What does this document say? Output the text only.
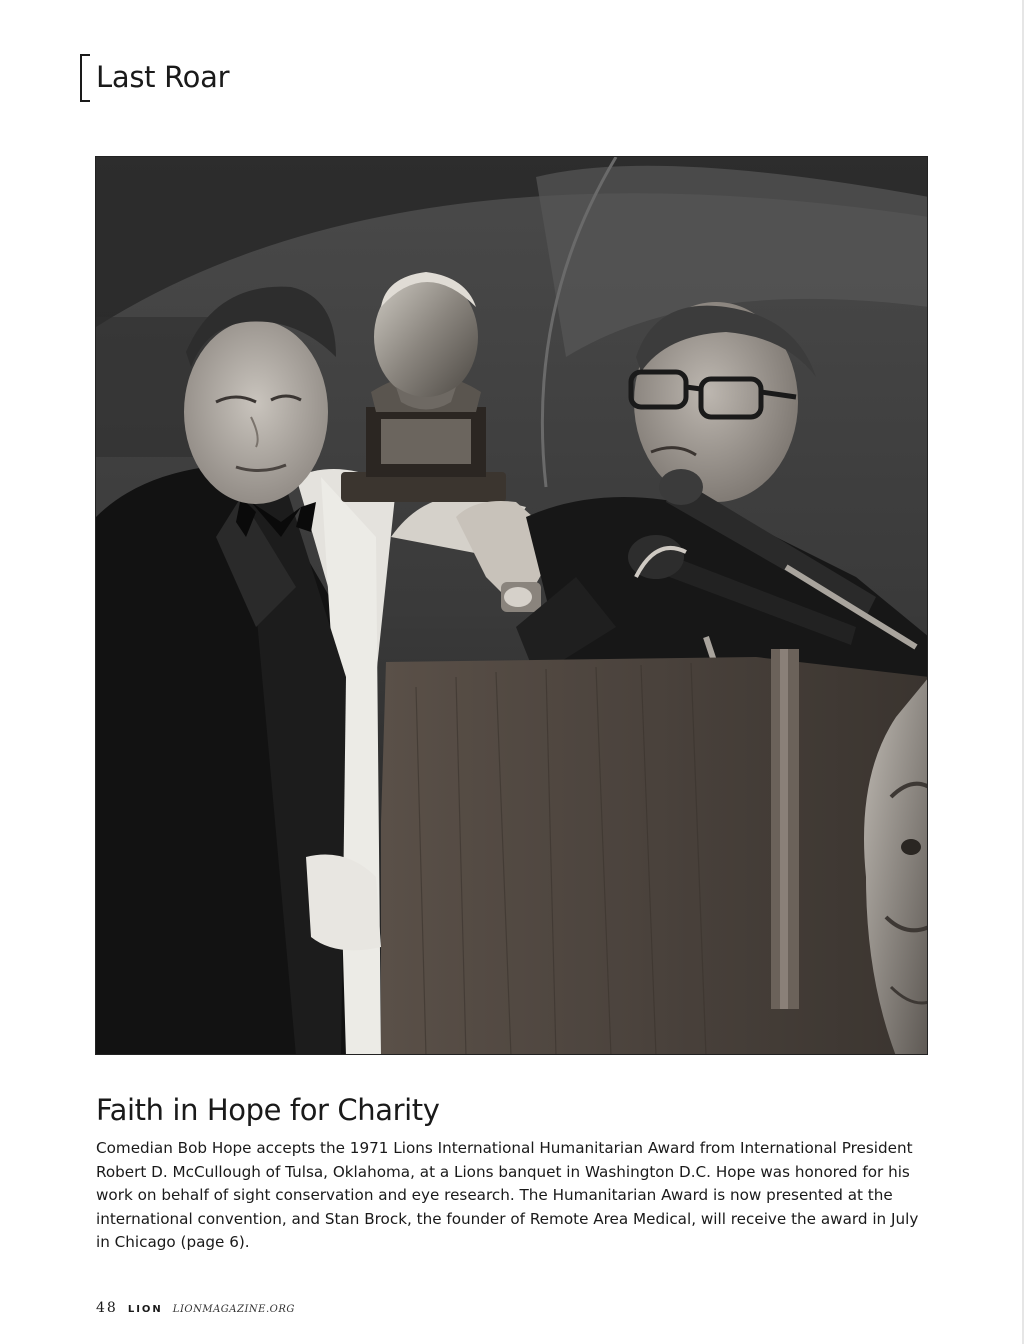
Last Roar
Faith in Hope for Charity

Comedian Bob Hope accepts the 1971 Lions International Humanitarian Award from International President Robert D. McCullough of Tulsa, Oklahoma, at a Lions banquet in Washington D.C. Hope was honored for his work on behalf of sight conservation and eye research. The Humanitarian Award is now presented at the international convention, and Stan Brock, the founder of Remote Area Medical, will receive the award in July in Chicago (page 6).

48 LION LIONMAGAZINE.ORG
